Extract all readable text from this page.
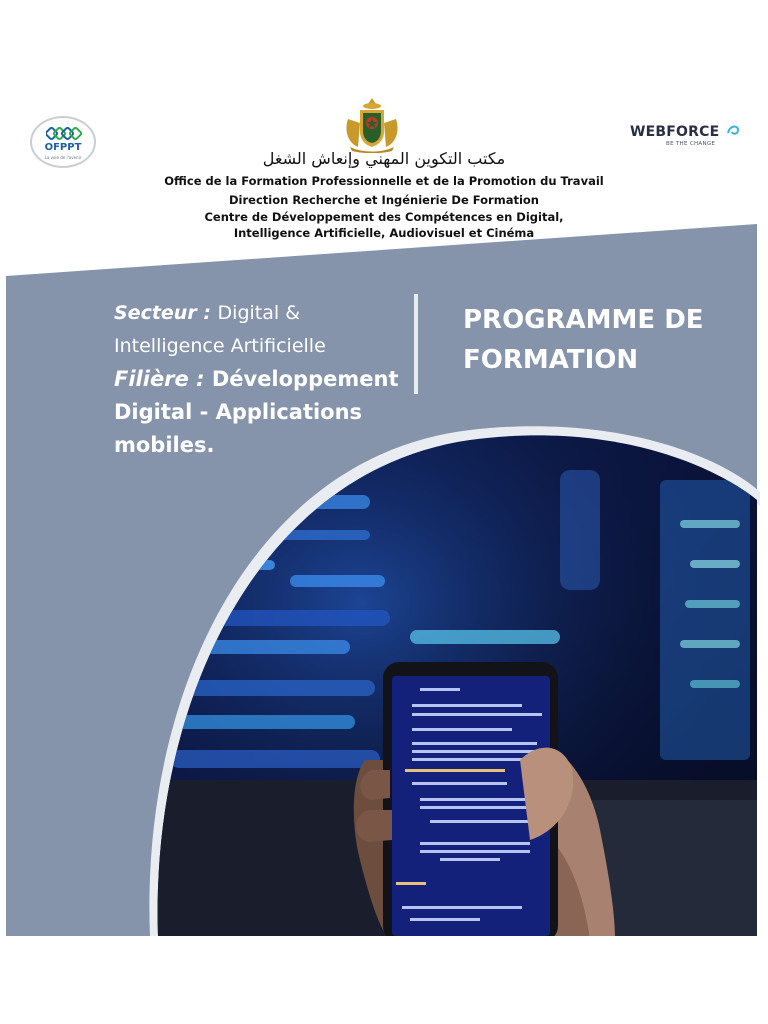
OFPPT
La voie de l'avenir
WEBFORCE
BE THE CHANGE
مكتب التكوين المهني وإنعاش الشغل
Office de la Formation Professionnelle et de la Promotion du Travail
Direction Recherche et Ingénierie De Formation
Centre de Développement des Compétences en Digital,
Intelligence Artificielle, Audiovisuel et Cinéma
Secteur : Digital & Intelligence Artificielle
Filière : Développement Digital - Applications mobiles.
PROGRAMME DE FORMATION
